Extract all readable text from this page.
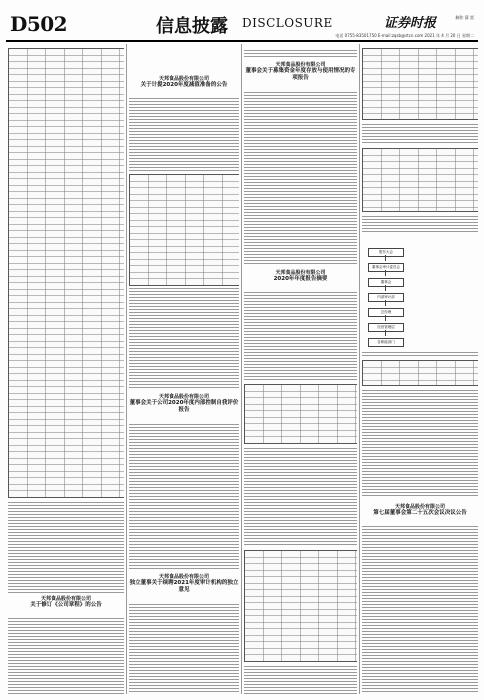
D502	信息披露 DISCLOSURE	证券时报	制作 薛 雷
电话 0755-83501750 E-mail:zqsb@stcn.com 2021 年 4 月 20 日 星期二
天邦食品股份有限公司
关于修订《公司章程》的公告
天邦食品股份有限公司
关于计提2020年度减值准备的公告
天邦食品股份有限公司
董事会关于公司2020年度内部控制自我评价报告
天邦食品股份有限公司
独立董事关于续聘2021年度审计机构的独立意见
天邦食品股份有限公司
董事会关于募集资金年度存放与使用情况的专项报告
天邦食品股份有限公司
2020年年度报告摘要
股东大会
董事会审计委员会
董事会
内部审计部
总经理
经营管理层
各职能部门
天邦食品股份有限公司
第七届董事会第二十五次会议决议公告
